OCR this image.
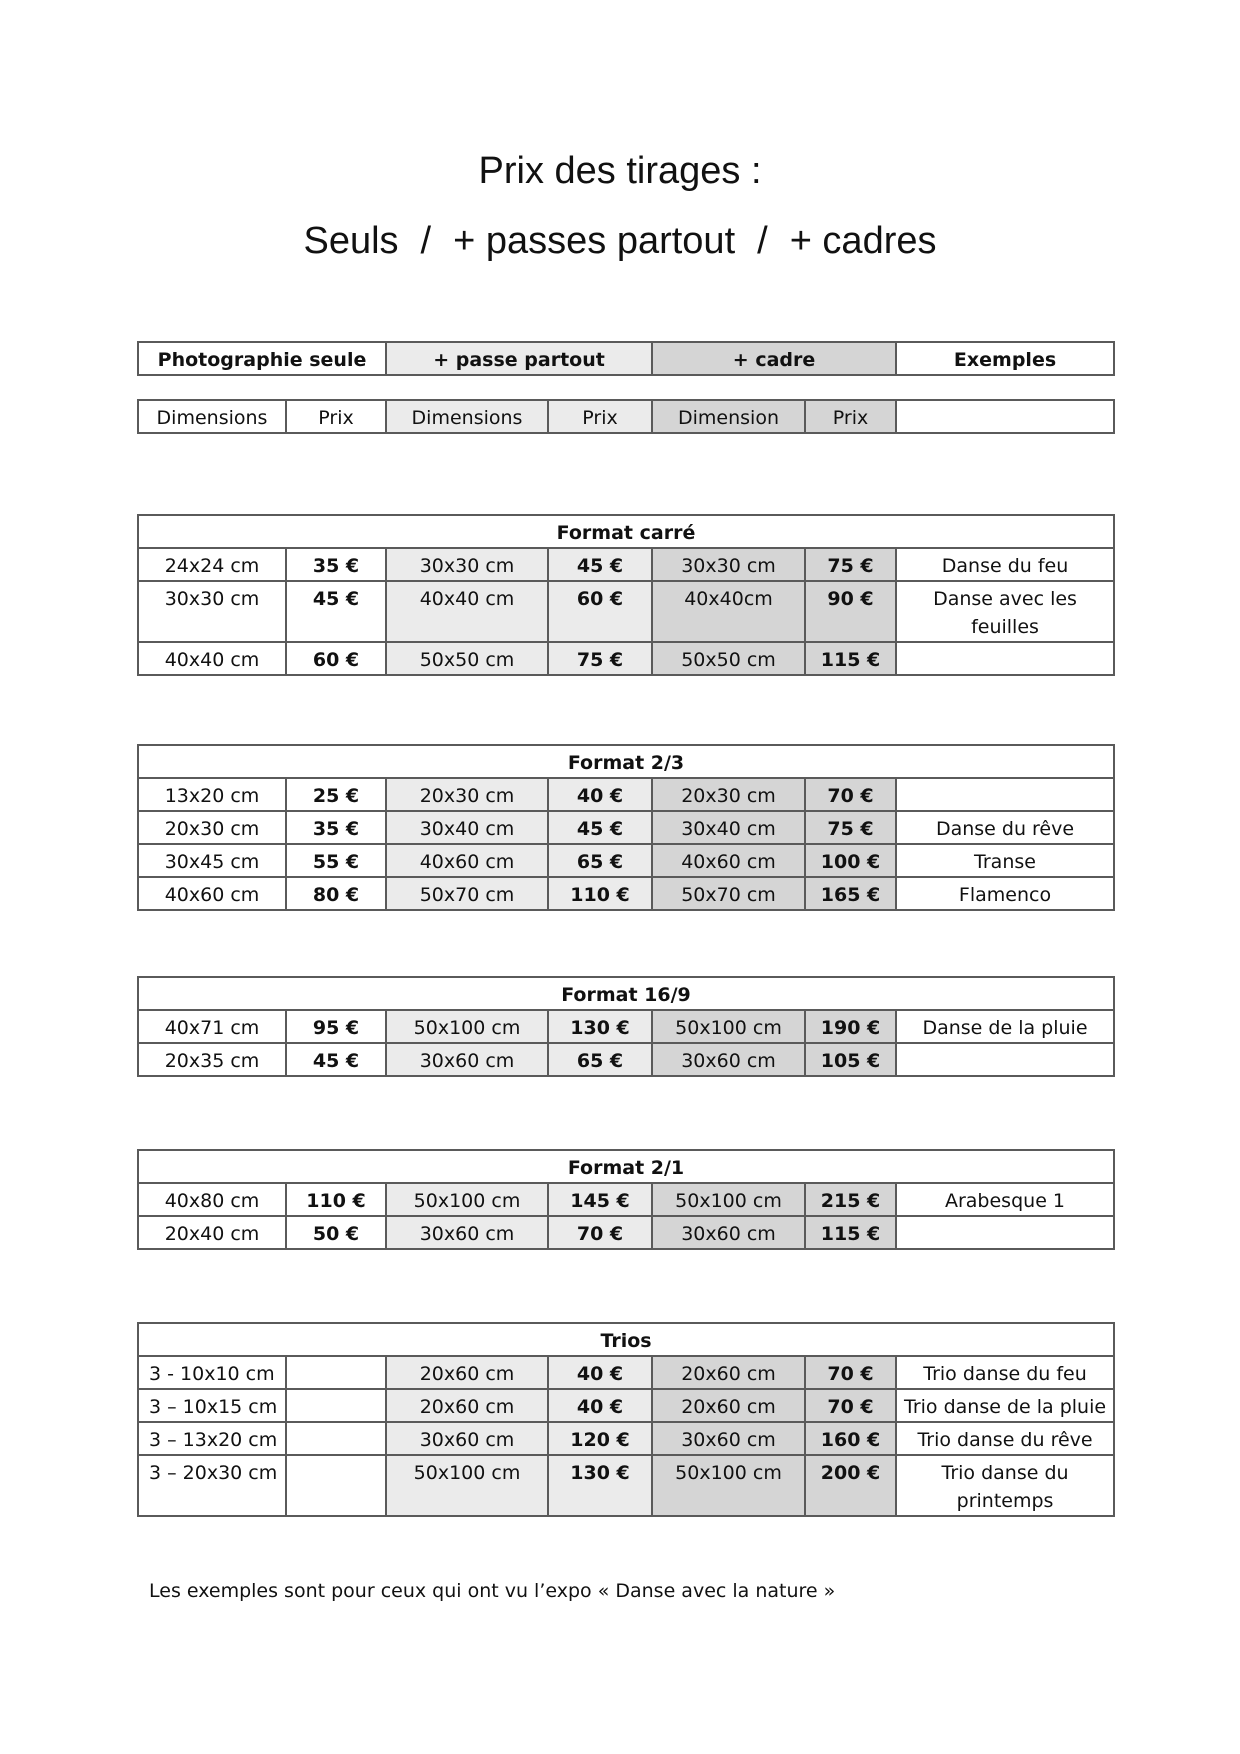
Prix des tirages :
Seuls / + passes partout / + cadres
Photographie seule	+ passe partout	+ cadre	Exemples
Dimensions	Prix	Dimensions	Prix	Dimension	Prix	
Format carré						
24x24 cm	35 €	30x30 cm	45 €	30x30 cm	75 €	Danse du feu
30x30 cm	45 €	40x40 cm	60 €	40x40cm	90 €	Danse avec les feuilles
40x40 cm	60 €	50x50 cm	75 €	50x50 cm	115 €	
Format 2/3						
13x20 cm	25 €	20x30 cm	40 €	20x30 cm	70 €	
20x30 cm	35 €	30x40 cm	45 €	30x40 cm	75 €	Danse du rêve
30x45 cm	55 €	40x60 cm	65 €	40x60 cm	100 €	Transe
40x60 cm	80 €	50x70 cm	110 €	50x70 cm	165 €	Flamenco
Format 16/9						
40x71 cm	95 €	50x100 cm	130 €	50x100 cm	190 €	Danse de la pluie
20x35 cm	45 €	30x60 cm	65 €	30x60 cm	105 €	
Format 2/1						
40x80 cm	110 €	50x100 cm	145 €	50x100 cm	215 €	Arabesque 1
20x40 cm	50 €	30x60 cm	70 €	30x60 cm	115 €	
Trios						
3 - 10x10 cm		20x60 cm	40 €	20x60 cm	70 €	Trio danse du feu
3 – 10x15 cm		20x60 cm	40 €	20x60 cm	70 €	Trio danse de la pluie
3 – 13x20 cm		30x60 cm	120 €	30x60 cm	160 €	Trio danse du rêve
3 – 20x30 cm		50x100 cm	130 €	50x100 cm	200 €	Trio danse du printemps
Les exemples sont pour ceux qui ont vu l’expo « Danse avec la nature »
